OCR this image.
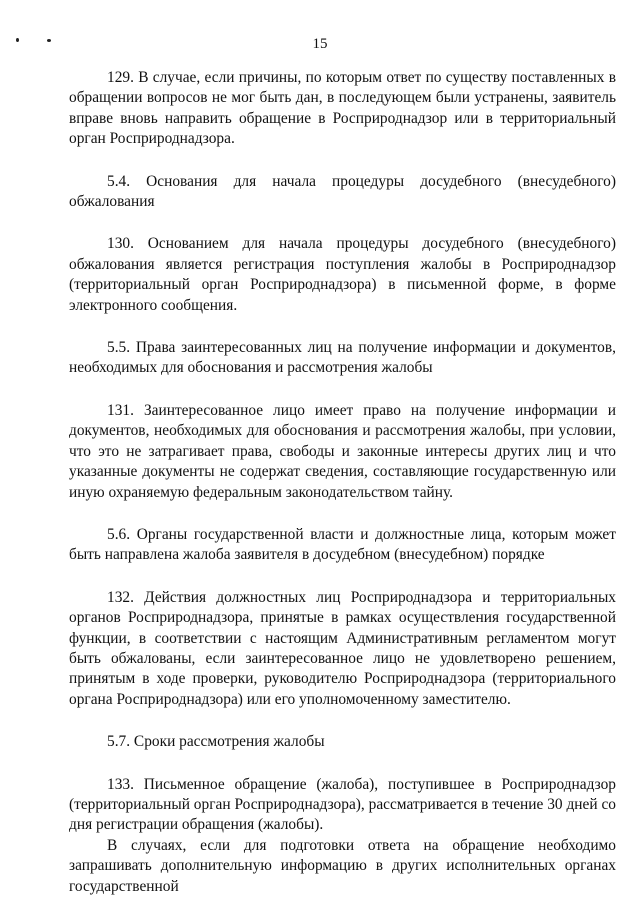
15

129. В случае, если причины, по которым ответ по существу поставленных в обращении вопросов не мог быть дан, в последующем были устранены, заявитель вправе вновь направить обращение в Росприроднадзор или в территориальный орган Росприроднадзора.

5.4. Основания для начала процедуры досудебного (внесудебного) обжалования

130. Основанием для начала процедуры досудебного (внесудебного) обжалования является регистрация поступления жалобы в Росприроднадзор (территориальный орган Росприроднадзора) в письменной форме, в форме электронного сообщения.

5.5. Права заинтересованных лиц на получение информации и документов, необходимых для обоснования и рассмотрения жалобы

131. Заинтересованное лицо имеет право на получение информации и документов, необходимых для обоснования и рассмотрения жалобы, при условии, что это не затрагивает права, свободы и законные интересы других лиц и что указанные документы не содержат сведения, составляющие государственную или иную охраняемую федеральным законодательством тайну.

5.6. Органы государственной власти и должностные лица, которым может быть направлена жалоба заявителя в досудебном (внесудебном) порядке

132. Действия должностных лиц Росприроднадзора и территориальных органов Росприроднадзора, принятые в рамках осуществления государственной функции, в соответствии с настоящим Административным регламентом могут быть обжалованы, если заинтересованное лицо не удовлетворено решением, принятым в ходе проверки, руководителю Росприроднадзора (территориального органа Росприроднадзора) или его уполномоченному заместителю.

5.7. Сроки рассмотрения жалобы

133. Письменное обращение (жалоба), поступившее в Росприроднадзор (территориальный орган Росприроднадзора), рассматривается в течение 30 дней со дня регистрации обращения (жалобы).

В случаях, если для подготовки ответа на обращение необходимо запрашивать дополнительную информацию в других исполнительных органах государственной
